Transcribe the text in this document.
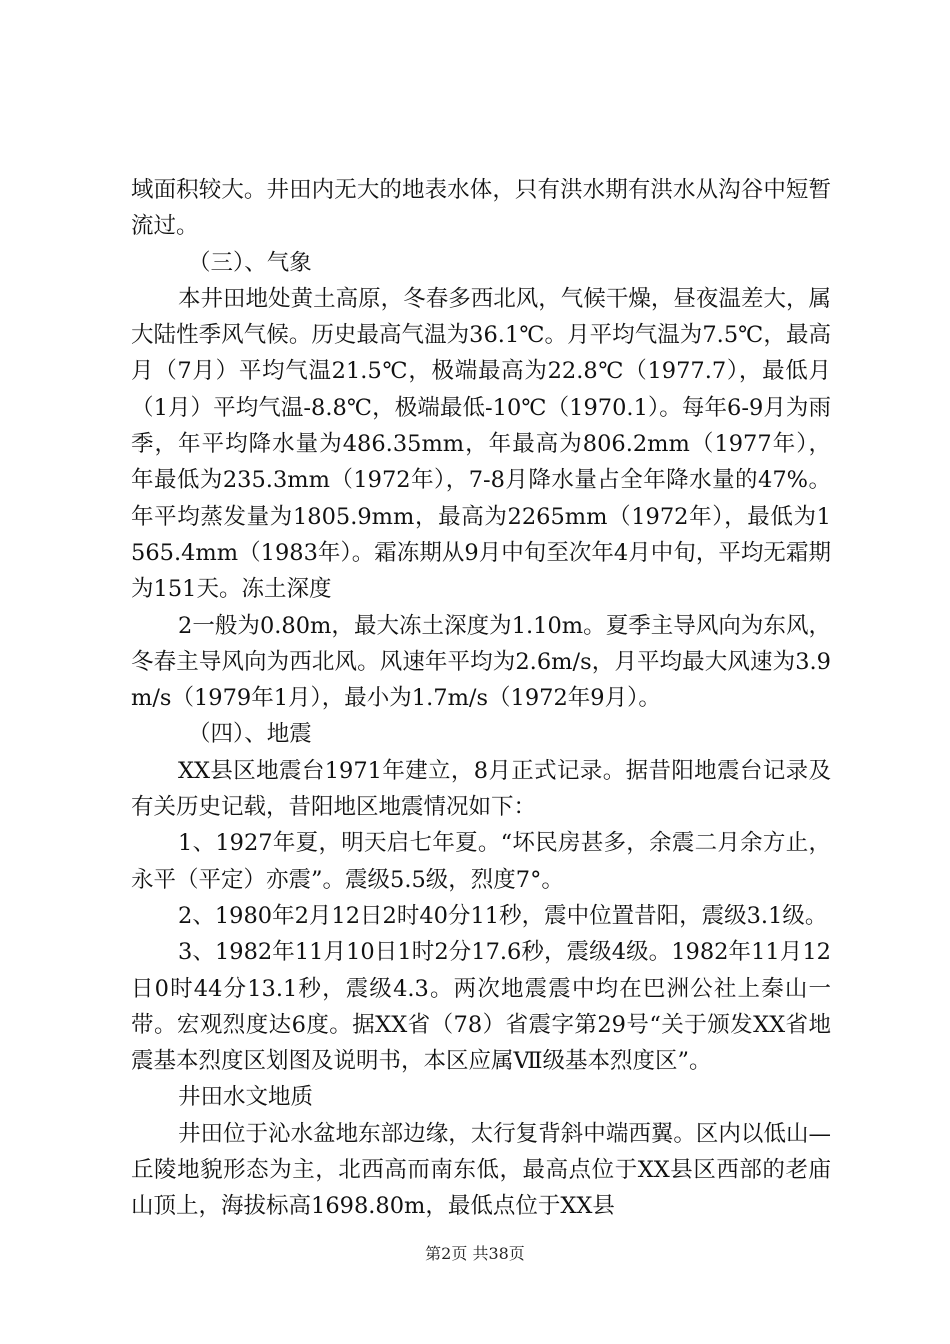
域面积较大。井田内无大的地表水体，只有洪水期有洪水从沟谷中短暂流过。

（三）、气象

本井田地处黄土高原，冬春多西北风，气候干燥，昼夜温差大，属大陆性季风气候。历史最高气温为36.1℃。月平均气温为7.5℃，最高月（7月）平均气温21.5℃，极端最高为22.8℃（1977.7），最低月（1月）平均气温-8.8℃，极端最低-10℃（1970.1）。每年6-9月为雨季，年平均降水量为486.35mm，年最高为806.2mm（1977年），年最低为235.3mm（1972年），7-8月降水量占全年降水量的47%。年平均蒸发量为1805.9mm，最高为2265mm（1972年），最低为1565.4mm（1983年）。霜冻期从9月中旬至次年4月中旬，平均无霜期为151天。冻土深度

2一般为0.80m，最大冻土深度为1.10m。夏季主导风向为东风，冬春主导风向为西北风。风速年平均为2.6m/s，月平均最大风速为3.9m/s（1979年1月），最小为1.7m/s（1972年9月）。

（四）、地震

XX县区地震台1971年建立，8月正式记录。据昔阳地震台记录及有关历史记载，昔阳地区地震情况如下：

1、1927年夏，明天启七年夏。“坏民房甚多，余震二月余方止，永平（平定）亦震”。震级5.5级，烈度7°。

2、1980年2月12日2时40分11秒，震中位置昔阳，震级3.1级。

3、1982年11月10日1时2分17.6秒，震级4级。1982年11月12日0时44分13.1秒，震级4.3。两次地震震中均在巴洲公社上秦山一带。宏观烈度达6度。据XX省（78）省震字第29号“关于颁发XX省地震基本烈度区划图及说明书，本区应属Ⅶ级基本烈度区”。

井田水文地质

井田位于沁水盆地东部边缘，太行复背斜中端西翼。区内以低山—丘陵地貌形态为主，北西高而南东低，最高点位于XX县区西部的老庙山顶上，海拔标高1698.80m，最低点位于XX县

第2页 共38页
